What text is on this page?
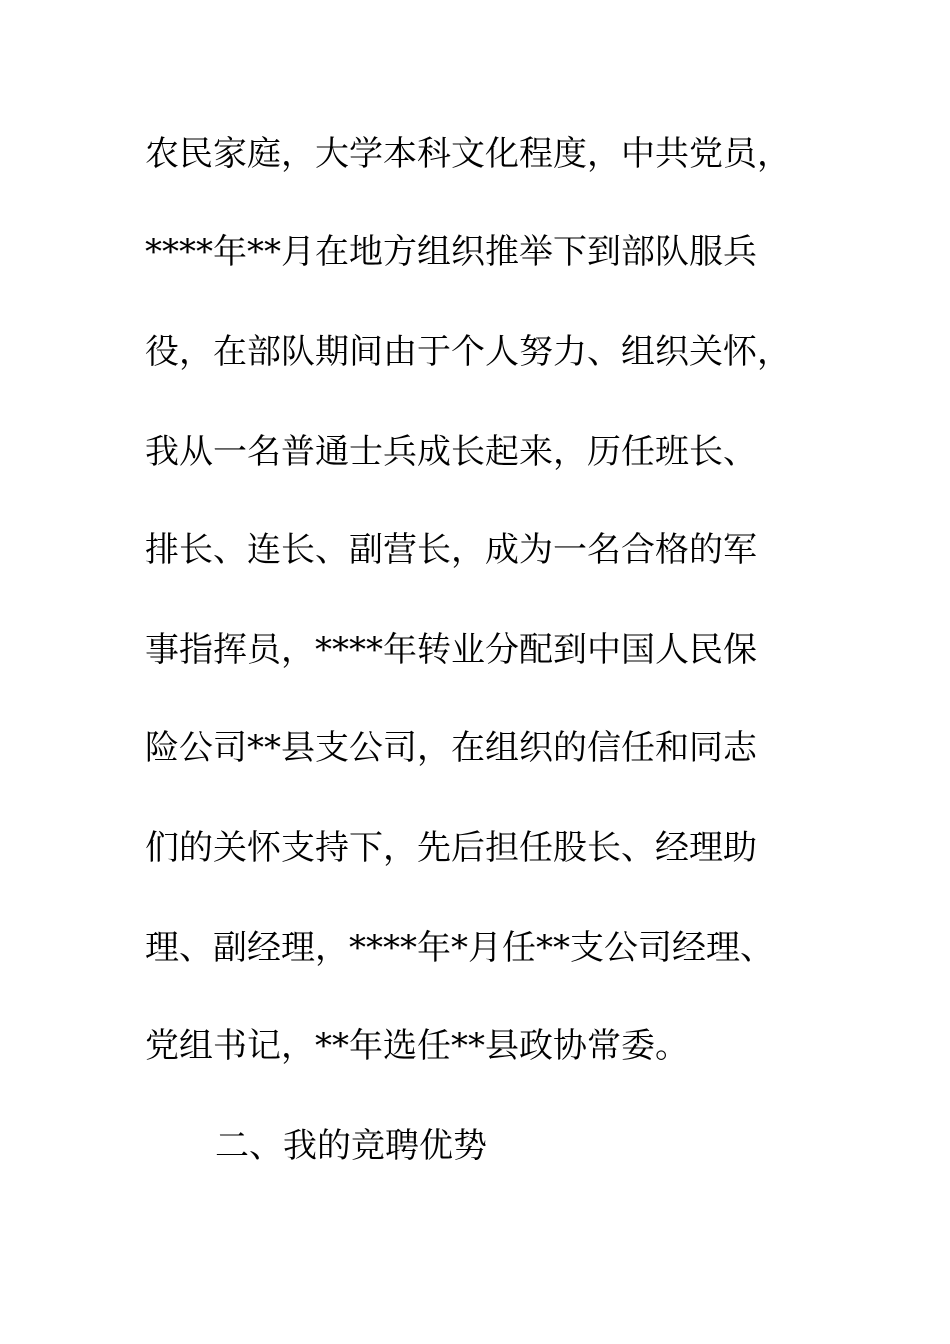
农民家庭，大学本科文化程度，中共党员，
****年**月在地方组织推举下到部队服兵
役，在部队期间由于个人努力、组织关怀，
我从一名普通士兵成长起来，历任班长、
排长、连长、副营长，成为一名合格的军
事指挥员，****年转业分配到中国人民保
险公司**县支公司，在组织的信任和同志
们的关怀支持下，先后担任股长、经理助
理、副经理，****年*月任**支公司经理、
党组书记，**年选任**县政协常委。
二、我的竞聘优势
